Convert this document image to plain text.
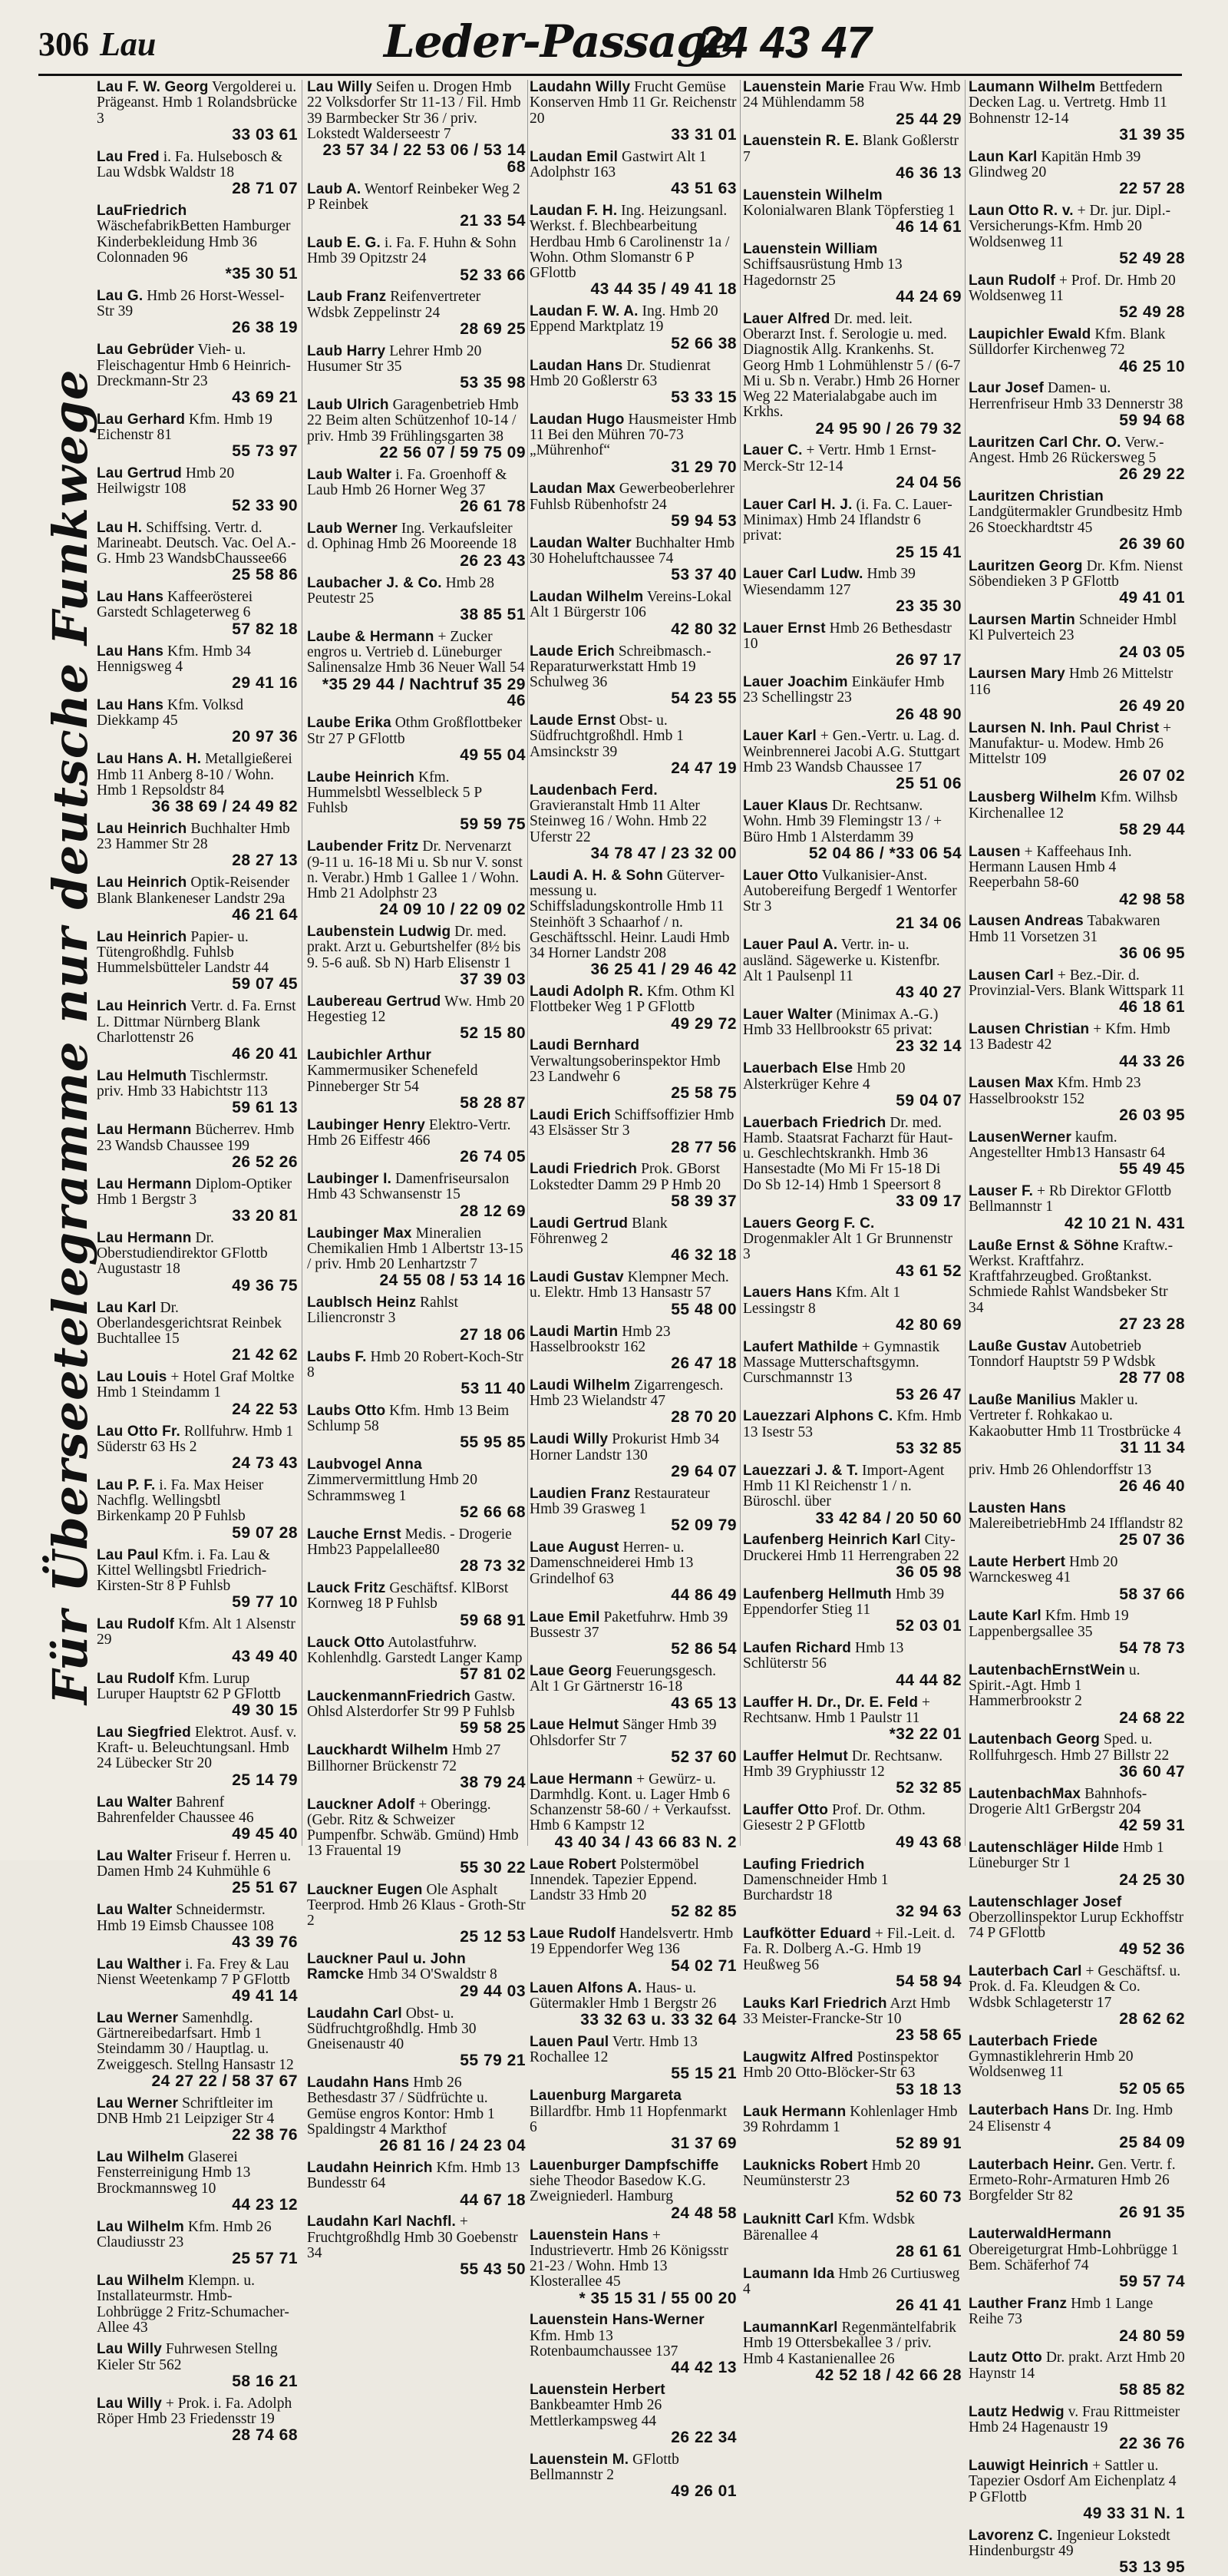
306 Lau	Leder-Passage
24 43 47
Für Überseetelegramme nur deutsche Funkwege
Lau F. W. Georg Vergolderei u. Prägeanst. Hmb 1 Rolandsbrücke 3
33 03 61
Lau Fred i. Fa. Hulsebosch & Lau Wdsbk Waldstr 18
28 71 07
LauFriedrich WäschefabrikBetten Hamburger Kinderbekleidung Hmb 36 Colonnaden 96
*35 30 51
Lau G. Hmb 26 Horst-Wessel-Str 39
26 38 19
Lau Gebrüder Vieh- u. Fleischagentur Hmb 6 Heinrich-Dreckmann-Str 23
43 69 21
Lau Gerhard Kfm. Hmb 19 Eichenstr 81
55 73 97
Lau Gertrud Hmb 20 Heilwigstr 108
52 33 90
Lau H. Schiffsing. Vertr. d. Marineabt. Deutsch. Vac. Oel A.-G. Hmb 23 WandsbChaussee66
25 58 86
Lau Hans Kaffeerösterei Garstedt Schlageterweg 6
57 82 18
Lau Hans Kfm. Hmb 34 Hennigsweg 4
29 41 16
Lau Hans Kfm. Volksd Diekkamp 45
20 97 36
Lau Hans A. H. Metallgießerei Hmb 11 Anberg 8-10 / Wohn. Hmb 1 Repsoldstr 84
36 38 69 / 24 49 82
Lau Heinrich Buchhalter Hmb 23 Hammer Str 28
28 27 13
Lau Heinrich Optik-Reisender Blank Blankeneser Landstr 29a
46 21 64
Lau Heinrich Papier- u. Tütengroßhdlg. Fuhlsb Hummelsbütteler Landstr 44
59 07 45
Lau Heinrich Vertr. d. Fa. Ernst L. Dittmar Nürnberg Blank Charlottenstr 26
46 20 41
Lau Helmuth Tischlermstr. priv. Hmb 33 Habichtstr 113
59 61 13
Lau Hermann Bücherrev. Hmb 23 Wandsb Chaussee 199
26 52 26
Lau Hermann Diplom-Optiker Hmb 1 Bergstr 3
33 20 81
Lau Hermann Dr. Oberstudiendirektor GFlottb Augustastr 18
49 36 75
Lau Karl Dr. Oberlandesgerichtsrat Reinbek Buchtallee 15
21 42 62
Lau Louis + Hotel Graf Moltke Hmb 1 Steindamm 1
24 22 53
Lau Otto Fr. Rollfuhrw. Hmb 1 Süderstr 63 Hs 2
24 73 43
Lau P. F. i. Fa. Max Heiser Nachflg. Wellingsbtl Birkenkamp 20 P Fuhlsb
59 07 28
Lau Paul Kfm. i. Fa. Lau & Kittel Wellingsbtl Friedrich-Kirsten-Str 8 P Fuhlsb
59 77 10
Lau Rudolf Kfm. Alt 1 Alsenstr 29
43 49 40
Lau Rudolf Kfm. Lurup Luruper Hauptstr 62 P GFlottb
49 30 15
Lau Siegfried Elektrot. Ausf. v. Kraft- u. Beleuchtungsanl. Hmb 24 Lübecker Str 20
25 14 79
Lau Walter Bahrenf Bahrenfelder Chaussee 46
49 45 40
Lau Walter Friseur f. Herren u. Damen Hmb 24 Kuhmühle 6
25 51 67
Lau Walter Schneidermstr. Hmb 19 Eimsb Chaussee 108
43 39 76
Lau Walther i. Fa. Frey & Lau Nienst Weetenkamp 7 P GFlottb
49 41 14
Lau Werner Samenhdlg. Gärtnereibedarfsart. Hmb 1 Steindamm 30 / Hauptlag. u. Zweiggesch. Stellng Hansastr 12
24 27 22 / 58 37 67
Lau Werner Schriftleiter im DNB Hmb 21 Leipziger Str 4
22 38 76
Lau Wilhelm Glaserei Fensterreinigung Hmb 13 Brockmannsweg 10
44 23 12
Lau Wilhelm Kfm. Hmb 26 Claudiusstr 23
25 57 71
Lau Wilhelm Klempn. u. Installateurmstr. Hmb-Lohbrügge 2 Fritz-Schumacher-Allee 43
Lau Willy Fuhrwesen Stellng Kieler Str 562
58 16 21
Lau Willy + Prok. i. Fa. Adolph Röper Hmb 23 Friedensstr 19
28 74 68
Lau Willy Seifen u. Drogen Hmb 22 Volksdorfer Str 11-13 / Fil. Hmb 39 Barmbecker Str 36 / priv. Lokstedt Walderseestr 7
23 57 34 / 22 53 06 / 53 14 68
Laub A. Wentorf Reinbeker Weg 2 P Reinbek
21 33 54
Laub E. G. i. Fa. F. Huhn & Sohn Hmb 39 Opitzstr 24
52 33 66
Laub Franz Reifenvertreter Wdsbk Zeppelinstr 24
28 69 25
Laub Harry Lehrer Hmb 20 Husumer Str 35
53 35 98
Laub Ulrich Garagenbetrieb Hmb 22 Beim alten Schützenhof 10-14 / priv. Hmb 39 Frühlingsgarten 38
22 56 07 / 59 75 09
Laub Walter i. Fa. Groenhoff & Laub Hmb 26 Horner Weg 37
26 61 78
Laub Werner Ing. Verkaufsleiter d. Ophinag Hmb 26 Mooreende 18
26 23 43
Laubacher J. & Co. Hmb 28 Peutestr 25
38 85 51
Laube & Hermann + Zucker engros u. Vertrieb d. Lüneburger Salinensalze Hmb 36 Neuer Wall 54
*35 29 44 / Nachtruf 35 29 46
Laube Erika Othm Großflottbeker Str 27 P GFlottb
49 55 04
Laube Heinrich Kfm. Hummelsbtl Wesselbleck 5 P Fuhlsb
59 59 75
Laubender Fritz Dr. Nervenarzt (9-11 u. 16-18 Mi u. Sb nur V. sonst n. Verabr.) Hmb 1 Gallee 1 / Wohn. Hmb 21 Adolphstr 23
24 09 10 / 22 09 02
Laubenstein Ludwig Dr. med. prakt. Arzt u. Geburtshelfer (8½ bis 9. 5-6 auß. Sb N) Harb Elisenstr 1
37 39 03
Laubereau Gertrud Ww. Hmb 20 Hegestieg 12
52 15 80
Laubichler Arthur Kammermusiker Schenefeld Pinneberger Str 54
58 28 87
Laubinger Henry Elektro-Vertr. Hmb 26 Eiffestr 466
26 74 05
Laubinger I. Damenfriseursalon Hmb 43 Schwansenstr 15
28 12 69
Laubinger Max Mineralien Chemikalien Hmb 1 Albertstr 13-15 / priv. Hmb 20 Lenhartzstr 7
24 55 08 / 53 14 16
Laublsch Heinz Rahlst Liliencronstr 3
27 18 06
Laubs F. Hmb 20 Robert-Koch-Str 8
53 11 40
Laubs Otto Kfm. Hmb 13 Beim Schlump 58
55 95 85
Laubvogel Anna Zimmervermittlung Hmb 20 Schrammsweg 1
52 66 68
Lauche Ernst Medis. - Drogerie Hmb23 Pappelallee80
28 73 32
Lauck Fritz Geschäftsf. KlBorst Kornweg 18 P Fuhlsb
59 68 91
Lauck Otto Autolastfuhrw. Kohlenhdlg. Garstedt Langer Kamp
57 81 02
LauckenmannFriedrich Gastw. Ohlsd Alsterdorfer Str 99 P Fuhlsb
59 58 25
Lauckhardt Wilhelm Hmb 27 Billhorner Brückenstr 72
38 79 24
Lauckner Adolf + Oberingg. (Gebr. Ritz & Schweizer Pumpenfbr. Schwäb. Gmünd) Hmb 13 Frauental 19
55 30 22
Lauckner Eugen Ole Asphalt Teerprod. Hmb 26 Klaus - Groth-Str 2
25 12 53
Lauckner Paul u. John Ramcke Hmb 34 O'Swaldstr 8
29 44 03
Laudahn Carl Obst- u. Südfruchtgroßhdlg. Hmb 30 Gneisenaustr 40
55 79 21
Laudahn Hans Hmb 26 Bethesdastr 37 / Südfrüchte u. Gemüse engros Kontor: Hmb 1 Spaldingstr 4 Markthof
26 81 16 / 24 23 04
Laudahn Heinrich Kfm. Hmb 13 Bundesstr 64
44 67 18
Laudahn Karl Nachfl. + Fruchtgroßhdlg Hmb 30 Goebenstr 34
55 43 50
Laudahn Willy Frucht Gemüse Konserven Hmb 11 Gr. Reichenstr 20
33 31 01
Laudan Emil Gastwirt Alt 1 Adolphstr 163
43 51 63
Laudan F. H. Ing. Heizungsanl. Werkst. f. Blechbearbeitung Herdbau Hmb 6 Carolinenstr 1a / Wohn. Othm Slomanstr 6 P GFlottb
43 44 35 / 49 41 18
Laudan F. W. A. Ing. Hmb 20 Eppend Marktplatz 19
52 66 38
Laudan Hans Dr. Studienrat Hmb 20 Goßlerstr 63
53 33 15
Laudan Hugo Hausmeister Hmb 11 Bei den Mühren 70-73 „Mührenhof“
31 29 70
Laudan Max Gewerbeoberlehrer Fuhlsb Rübenhofstr 24
59 94 53
Laudan Walter Buchhalter Hmb 30 Hoheluftchaussee 74
53 37 40
Laudan Wilhelm Vereins-Lokal Alt 1 Bürgerstr 106
42 80 32
Laude Erich Schreibmasch.-Reparaturwerkstatt Hmb 19 Schulweg 36
54 23 55
Laude Ernst Obst- u. Südfruchtgroßhdl. Hmb 1 Amsinckstr 39
24 47 19
Laudenbach Ferd. Gravieranstalt Hmb 11 Alter Steinweg 16 / Wohn. Hmb 22 Uferstr 22
34 78 47 / 23 32 00
Laudi A. H. & Sohn Güterver-messung u. Schiffsladungskontrolle Hmb 11 Steinhöft 3 Schaarhof / n. Geschäftsschl. Heinr. Laudi Hmb 34 Horner Landstr 208
36 25 41 / 29 46 42
Laudi Adolph R. Kfm. Othm Kl Flottbeker Weg 1 P GFlottb
49 29 72
Laudi Bernhard Verwaltungsoberinspektor Hmb 23 Landwehr 6
25 58 75
Laudi Erich Schiffsoffizier Hmb 43 Elsässer Str 3
28 77 56
Laudi Friedrich Prok. GBorst Lokstedter Damm 29 P Hmb 20
58 39 37
Laudi Gertrud Blank Föhrenweg 2
46 32 18
Laudi Gustav Klempner Mech. u. Elektr. Hmb 13 Hansastr 57
55 48 00
Laudi Martin Hmb 23 Hasselbrookstr 162
26 47 18
Laudi Wilhelm Zigarrengesch. Hmb 23 Wielandstr 47
28 70 20
Laudi Willy Prokurist Hmb 34 Horner Landstr 130
29 64 07
Laudien Franz Restaurateur Hmb 39 Grasweg 1
52 09 79
Laue August Herren- u. Damenschneiderei Hmb 13 Grindelhof 63
44 86 49
Laue Emil Paketfuhrw. Hmb 39 Bussestr 37
52 86 54
Laue Georg Feuerungsgesch. Alt 1 Gr Gärtnerstr 16-18
43 65 13
Laue Helmut Sänger Hmb 39 Ohlsdorfer Str 7
52 37 60
Laue Hermann + Gewürz- u. Darmhdlg. Kont. u. Lager Hmb 6 Schanzenstr 58-60 / + Verkaufsst. Hmb 6 Kampstr 12
43 40 34 / 43 66 83 N. 2
Laue Robert Polstermöbel Innendek. Tapezier Eppend. Landstr 33 Hmb 20
52 82 85
Laue Rudolf Handelsvertr. Hmb 19 Eppendorfer Weg 136
54 02 71
Lauen Alfons A. Haus- u. Gütermakler Hmb 1 Bergstr 26
33 32 63 u. 33 32 64
Lauen Paul Vertr. Hmb 13 Rochallee 12
55 15 21
Lauenburg Margareta Billardfbr. Hmb 11 Hopfenmarkt 6
31 37 69
Lauenburger Dampfschiffe siehe Theodor Basedow K.G. Zweigniederl. Hamburg
24 48 58
Lauenstein Hans + Industrievertr. Hmb 26 Königsstr 21-23 / Wohn. Hmb 13 Klosterallee 45
* 35 15 31 / 55 00 20
Lauenstein Hans-Werner Kfm. Hmb 13 Rotenbaumchaussee 137
44 42 13
Lauenstein Herbert Bankbeamter Hmb 26 Mettlerkampsweg 44
26 22 34
Lauenstein M. GFlottb Bellmannstr 2
49 26 01
Lauenstein Marie Frau Ww. Hmb 24 Mühlendamm 58
25 44 29
Lauenstein R. E. Blank Goßlerstr 7
46 36 13
Lauenstein Wilhelm Kolonialwaren Blank Töpferstieg 1
46 14 61
Lauenstein William Schiffsausrüstung Hmb 13 Hagedornstr 25
44 24 69
Lauer Alfred Dr. med. leit. Oberarzt Inst. f. Serologie u. med. Diagnostik Allg. Krankenhs. St. Georg Hmb 1 Lohmühlenstr 5 / (6-7 Mi u. Sb n. Verabr.) Hmb 26 Horner Weg 22 Materialabgabe auch im Krkhs.
24 95 90 / 26 79 32
Lauer C. + Vertr. Hmb 1 Ernst-Merck-Str 12-14
24 04 56
Lauer Carl H. J. (i. Fa. C. Lauer-Minimax) Hmb 24 Iflandstr 6 privat:
25 15 41
Lauer Carl Ludw. Hmb 39 Wiesendamm 127
23 35 30
Lauer Ernst Hmb 26 Bethesdastr 10
26 97 17
Lauer Joachim Einkäufer Hmb 23 Schellingstr 23
26 48 90
Lauer Karl + Gen.-Vertr. u. Lag. d. Weinbrennerei Jacobi A.G. Stuttgart Hmb 23 Wandsb Chaussee 17
25 51 06
Lauer Klaus Dr. Rechtsanw. Wohn. Hmb 39 Flemingstr 13 / + Büro Hmb 1 Alsterdamm 39
52 04 86 / *33 06 54
Lauer Otto Vulkanisier-Anst. Autobereifung Bergedf 1 Wentorfer Str 3
21 34 06
Lauer Paul A. Vertr. in- u. ausländ. Sägewerke u. Kistenfbr. Alt 1 Paulsenpl 11
43 40 27
Lauer Walter (Minimax A.-G.) Hmb 33 Hellbrookstr 65 privat:
23 32 14
Lauerbach Else Hmb 20 Alsterkrüger Kehre 4
59 04 07
Lauerbach Friedrich Dr. med. Hamb. Staatsrat Facharzt für Haut- u. Geschlechtskrankh. Hmb 36 Hansestadte (Mo Mi Fr 15-18 Di Do Sb 12-14) Hmb 1 Speersort 8
33 09 17
Lauers Georg F. C. Drogenmakler Alt 1 Gr Brunnenstr 3
43 61 52
Lauers Hans Kfm. Alt 1 Lessingstr 8
42 80 69
Laufert Mathilde + Gymnastik Massage Mutterschaftsgymn. Curschmannstr 13
53 26 47
Lauezzari Alphons C. Kfm. Hmb 13 Isestr 53
53 32 85
Lauezzari J. & T. Import-Agent Hmb 11 Kl Reichenstr 1 / n. Büroschl. über
33 42 84 / 20 50 60
Laufenberg Heinrich Karl City-Druckerei Hmb 11 Herrengraben 22
36 05 98
Laufenberg Hellmuth Hmb 39 Eppendorfer Stieg 11
52 03 01
Laufen Richard Hmb 13 Schlüterstr 56
44 44 82
Lauffer H. Dr., Dr. E. Feld + Rechtsanw. Hmb 1 Paulstr 11
*32 22 01
Lauffer Helmut Dr. Rechtsanw. Hmb 39 Gryphiusstr 12
52 32 85
Lauffer Otto Prof. Dr. Othm. Giesestr 2 P GFlottb
49 43 68
Laufing Friedrich Damenschneider Hmb 1 Burchardstr 18
32 94 63
Laufkötter Eduard + Fil.-Leit. d. Fa. R. Dolberg A.-G. Hmb 19 Heußweg 56
54 58 94
Lauks Karl Friedrich Arzt Hmb 33 Meister-Francke-Str 10
23 58 65
Laugwitz Alfred Postinspektor Hmb 20 Otto-Blöcker-Str 63
53 18 13
Lauk Hermann Kohlenlager Hmb 39 Rohrdamm 1
52 89 91
Lauknicks Robert Hmb 20 Neumünsterstr 23
52 60 73
Lauknitt Carl Kfm. Wdsbk Bärenallee 4
28 61 61
Laumann Ida Hmb 26 Curtiusweg 4
26 41 41
LaumannKarl Regenmäntelfabrik Hmb 19 Ottersbekallee 3 / priv. Hmb 4 Kastanienallee 26
42 52 18 / 42 66 28
Laumann Wilhelm Bettfedern Decken Lag. u. Vertretg. Hmb 11 Bohnenstr 12-14
31 39 35
Laun Karl Kapitän Hmb 39 Glindweg 20
22 57 28
Laun Otto R. v. + Dr. jur. Dipl.-Versicherungs-Kfm. Hmb 20 Woldsenweg 11
52 49 28
Laun Rudolf + Prof. Dr. Hmb 20 Woldsenweg 11
52 49 28
Laupichler Ewald Kfm. Blank Sülldorfer Kirchenweg 72
46 25 10
Laur Josef Damen- u. Herrenfriseur Hmb 33 Dennerstr 38
59 94 68
Lauritzen Carl Chr. O. Verw.-Angest. Hmb 26 Rückersweg 5
26 29 22
Lauritzen Christian Landgütermakler Grundbesitz Hmb 26 Stoeckhardtstr 45
26 39 60
Lauritzen Georg Dr. Kfm. Nienst Söbendieken 3 P GFlottb
49 41 01
Laursen Martin Schneider Hmbl Kl Pulverteich 23
24 03 05
Laursen Mary Hmb 26 Mittelstr 116
26 49 20
Laursen N. Inh. Paul Christ + Manufaktur- u. Modew. Hmb 26 Mittelstr 109
26 07 02
Lausberg Wilhelm Kfm. Wilhsb Kirchenallee 12
58 29 44
Lausen + Kaffeehaus Inh. Hermann Lausen Hmb 4 Reeperbahn 58-60
42 98 58
Lausen Andreas Tabakwaren Hmb 11 Vorsetzen 31
36 06 95
Lausen Carl + Bez.-Dir. d. Provinzial-Vers. Blank Wittspark 11
46 18 61
Lausen Christian + Kfm. Hmb 13 Badestr 42
44 33 26
Lausen Max Kfm. Hmb 23 Hasselbrookstr 152
26 03 95
LausenWerner kaufm. Angestellter Hmb13 Hansastr 64
55 49 45
Lauser F. + Rb Direktor GFlottb Bellmannstr 1
42 10 21 N. 431
Lauße Ernst & Söhne Kraftw.-Werkst. Kraftfahrz. Kraftfahrzeugbed. Großtankst. Schmiede Rahlst Wandsbeker Str 34
27 23 28
Lauße Gustav Autobetrieb Tonndorf Hauptstr 59 P Wdsbk
28 77 08
Lauße Manilius Makler u. Vertreter f. Rohkakao u. Kakaobutter Hmb 11 Trostbrücke 4
31 11 34
priv. Hmb 26 Ohlendorffstr 13
26 46 40
Lausten Hans MalereibetriebHmb 24 Ifflandstr 82
25 07 36
Laute Herbert Hmb 20 Warnckesweg 41
58 37 66
Laute Karl Kfm. Hmb 19 Lappenbergsallee 35
54 78 73
LautenbachErnstWein u. Spirit.-Agt. Hmb 1 Hammerbrookstr 2
24 68 22
Lautenbach Georg Sped. u. Rollfuhrgesch. Hmb 27 Billstr 22
36 60 47
LautenbachMax Bahnhofs-Drogerie Alt1 GrBergstr 204
42 59 31
Lautenschläger Hilde Hmb 1 Lüneburger Str 1
24 25 30
Lautenschlager Josef Oberzollinspektor Lurup Eckhoffstr 74 P GFlottb
49 52 36
Lauterbach Carl + Geschäftsf. u. Prok. d. Fa. Kleudgen & Co. Wdsbk Schlageterstr 17
28 62 62
Lauterbach Friede Gymnastiklehrerin Hmb 20 Woldsenweg 11
52 05 65
Lauterbach Hans Dr. Ing. Hmb 24 Elisenstr 4
25 84 09
Lauterbach Heinr. Gen. Vertr. f. Ermeto-Rohr-Armaturen Hmb 26 Borgfelder Str 82
26 91 35
LauterwaldHermann Obereigeturgrat Hmb-Lohbrügge 1 Bem. Schäferhof 74
59 57 74
Lauther Franz Hmb 1 Lange Reihe 73
24 80 59
Lautz Otto Dr. prakt. Arzt Hmb 20 Haynstr 14
58 85 82
Lautz Hedwig v. Frau Rittmeister Hmb 24 Hagenaustr 19
22 36 76
Lauwigt Heinrich + Sattler u. Tapezier Osdorf Am Eichenplatz 4 P GFlottb
49 33 31 N. 1
Lavorenz C. Ingenieur Lokstedt Hindenburgstr 49
53 13 95
